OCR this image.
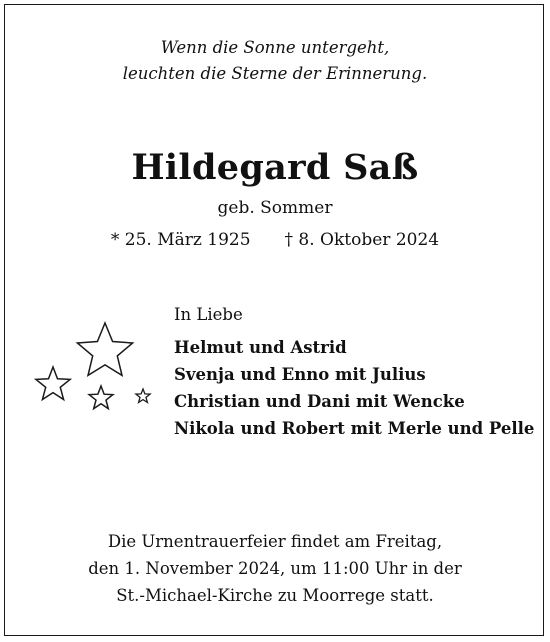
Wenn die Sonne untergeht,
leuchten die Sterne der Erinnerung.
Hildegard Saß
geb. Sommer
* 25. März 1925 † 8. Oktober 2024
In Liebe
Helmut und Astrid
Svenja und Enno mit Julius
Christian und Dani mit Wencke
Nikola und Robert mit Merle und Pelle
Die Urnentrauerfeier findet am Freitag,
den 1. November 2024, um 11:00 Uhr in der
St.-Michael-Kirche zu Moorrege statt.
